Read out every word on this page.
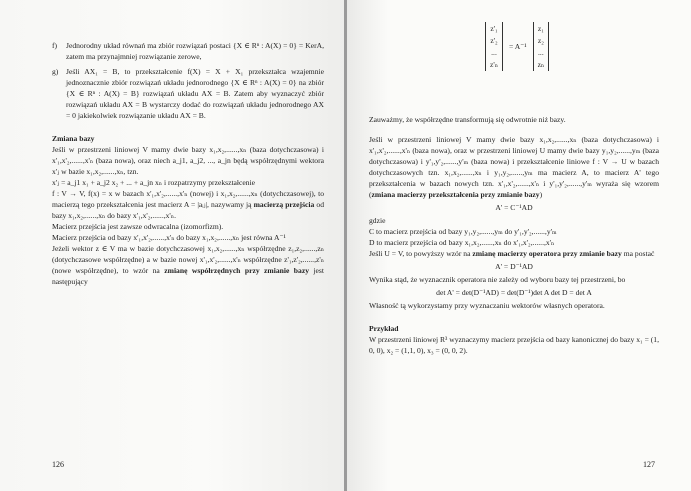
f)	Jednorodny układ równań ma zbiór rozwiązań postaci {X ∈ Rⁿ : A(X) = 0} = KerA, zatem ma przynajmniej rozwiązanie zerowe,

g)	Jeśli AX₁ = B, to przekształcenie f(X) = X + X₁ przekształca wzajemnie jednoznacznie zbiór rozwiązań układu jednorodnego {X ∈ Rⁿ : A(X) = 0} na zbiór {X ∈ Rⁿ : A(X) = B} rozwiązań układu AX = B. Zatem aby wyznaczyć zbiór rozwiązań układu AX = B wystarczy dodać do rozwiązań układu jednorodnego AX = 0 jakiekolwiek rozwiązanie układu AX = B.

Zmiana bazy

Jeśli w przestrzeni liniowej V mamy dwie bazy x₁,x₂,......,xₙ (baza dotychczasowa) i x'₁,x'₂,......,x'ₙ (baza nowa), oraz niech a_j1, a_j2, ..., a_jn będą współrzędnymi wektora x'ⱼ w bazie x₁,x₂,......,xₙ, tzn.

x'ⱼ = a_j1 x₁ + a_j2 x₂ + ... + a_jn xₙ i rozpatrzymy przekształcenie

f : V → V, f(x) = x w bazach x'₁,x'₂,......,x'ₙ (nowej) i x₁,x₂,......,xₙ (dotychczasowej), to macierzą tego przekształcenia jest macierz A = |aᵢⱼ|, nazywamy ją macierzą przejścia od bazy x₁,x₂,......,xₙ do bazy x'₁,x'₂,......,x'ₙ.

Macierz przejścia jest zawsze odwracalna (izomorfizm).

Macierz przejścia od bazy x'₁,x'₂,......,x'ₙ do bazy x₁,x₂,......,xₙ jest równa A⁻¹

Jeżeli wektor z ∈ V ma w bazie dotychczasowej x₁,x₂,......,xₙ współrzędne z₁,z₂,......,zₙ (dotychczasowe współrzędne) a w bazie nowej x'₁,x'₂,......,x'ₙ współrzędne z'₁,z'₂,......,z'ₙ (nowe współrzędne), to wzór na zmianę współrzędnych przy zmianie bazy jest następujący

126
z'₁
z'₂
...
z'ₙ
= A⁻¹
z₁
z₂
...
zₙ

Zauważmy, że współrzędne transformują się odwrotnie niż bazy.

Jeśli w przestrzeni liniowej V mamy dwie bazy x₁,x₂,......,xₙ (baza dotychczasowa) i x'₁,x'₂,......,x'ₙ (baza nowa), oraz w przestrzeni liniowej U mamy dwie bazy y₁,y₂,......,yₘ (baza dotychczasowa) i y'₁,y'₂,......,y'ₘ (baza nowa) i przekształcenie liniowe f : V → U w bazach dotychczasowych tzn. x₁,x₂,......,xₙ i y₁,y₂,......,yₘ ma macierz A, to macierz A' tego przekształcenia w bazach nowych tzn. x'₁,x'₂,......,x'ₙ i y'₁,y'₂,......,y'ₘ wyraża się wzorem (zmiana macierzy przekształcenia przy zmianie bazy)

A' = C⁻¹AD

gdzie

C to macierz przejścia od bazy y₁,y₂,......,yₘ do y'₁,y'₂,......,y'ₘ

D to macierz przejścia od bazy x₁,x₂,......,xₙ do x'₁,x'₂,......,x'ₙ

Jeśli U = V, to powyższy wzór na zmianę macierzy operatora przy zmianie bazy ma postać

A' = D⁻¹AD

Wynika stąd, że wyznacznik operatora nie zależy od wyboru bazy tej przestrzeni, bo

det A' = det(D⁻¹AD) = det(D⁻¹)det A det D = det A

Własność tą wykorzystamy przy wyznaczaniu wektorów własnych operatora.

Przykład

W przestrzeni liniowej R³ wyznaczymy macierz przejścia od bazy kanonicznej do bazy x₁ = (1, 0, 0), x₂ = (1,1, 0), x₃ = (0, 0, 2).

127
